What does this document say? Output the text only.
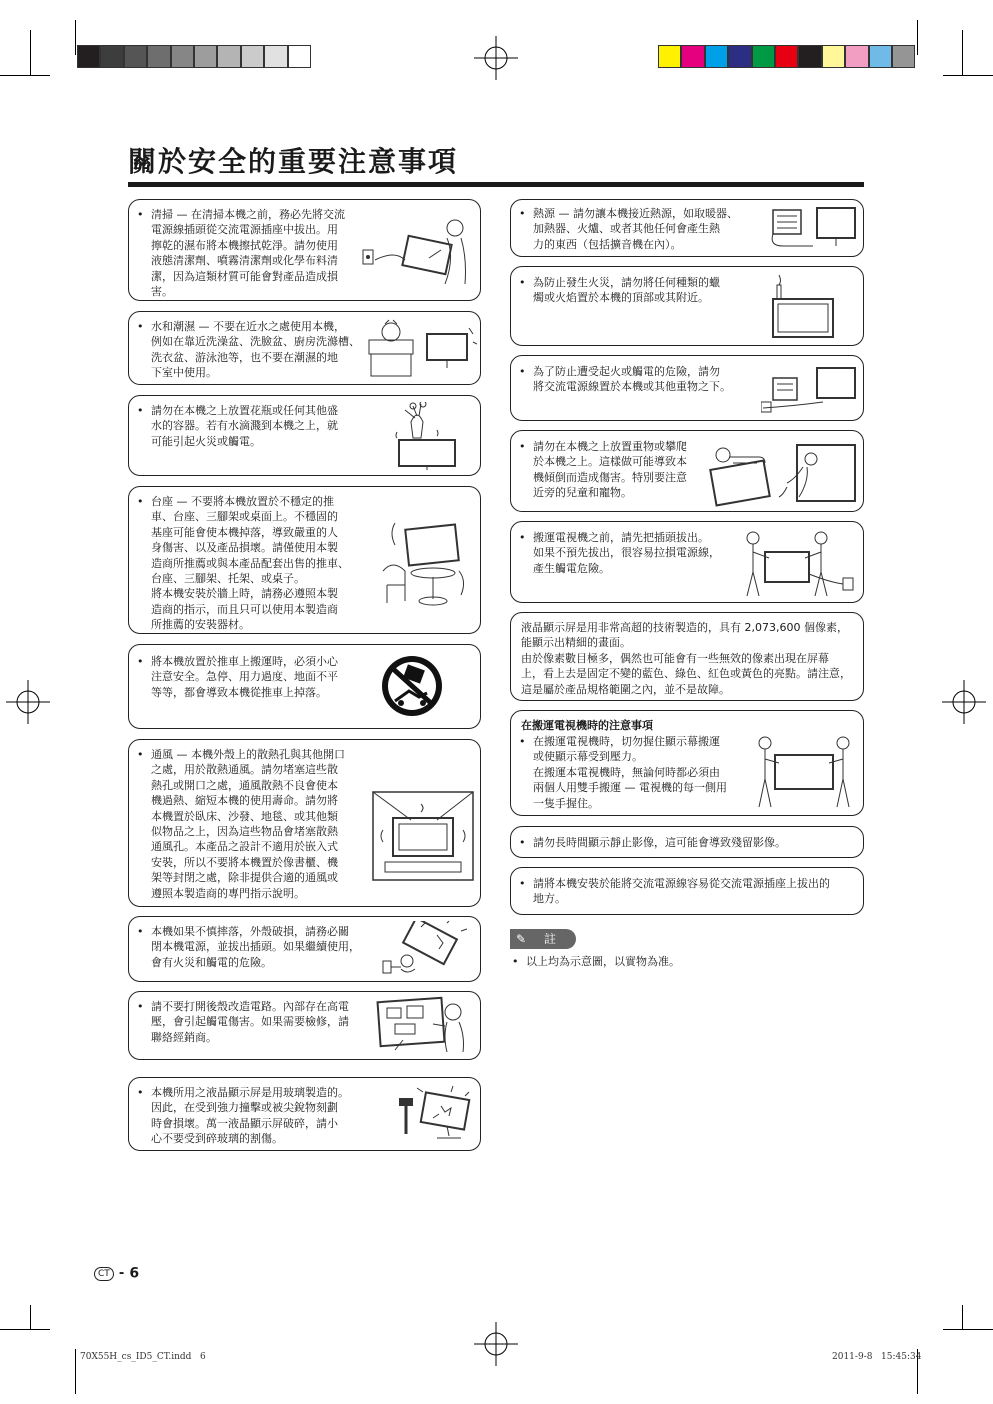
關於安全的重要注意事項
• 清掃 — 在清掃本機之前，務必先將交流
電源線插頭從交流電源插座中拔出。用
擰乾的濕布將本機擦拭乾淨。請勿使用
液態清潔劑、噴霧清潔劑或化學布料清
潔，因為這類材質可能會對產品造成損
害。
• 水和潮濕 — 不要在近水之處使用本機，
例如在靠近洗澡盆、洗臉盆、廚房洗滌槽、
洗衣盆、游泳池等，也不要在潮濕的地
下室中使用。
• 請勿在本機之上放置花瓶或任何其他盛
水的容器。若有水滴濺到本機之上，就
可能引起火災或觸電。
• 台座 — 不要將本機放置於不穩定的推
車、台座、三腳架或桌面上。不穩固的
基座可能會使本機掉落，導致嚴重的人
身傷害、以及產品損壞。請僅使用本製
造商所推薦或與本產品配套出售的推車、
台座、三腳架、托架、或桌子。
將本機安裝於牆上時，請務必遵照本製
造商的指示，而且只可以使用本製造商
所推薦的安裝器材。
• 將本機放置於推車上搬運時，必須小心
注意安全。急停、用力過度、地面不平
等等，都會導致本機從推車上掉落。
• 通風 — 本機外殼上的散熱孔與其他開口
之處，用於散熱通風。請勿堵塞這些散
熱孔或開口之處，通風散熱不良會使本
機過熱、縮短本機的使用壽命。請勿將
本機置於臥床、沙發、地毯、或其他類
似物品之上，因為這些物品會堵塞散熱
通風孔。本產品之設計不適用於嵌入式
安裝，所以不要將本機置於像書櫃、機
架等封閉之處，除非提供合適的通風或
遵照本製造商的專門指示說明。
• 本機如果不慎摔落，外殼破損，請務必關
閉本機電源，並拔出插頭。如果繼續使用，
會有火災和觸電的危險。
• 請不要打開後殼改造電路。內部存在高電
壓，會引起觸電傷害。如果需要檢修，請
聯絡經銷商。
• 本機所用之液晶顯示屏是用玻璃製造的。
因此，在受到強力撞擊或被尖銳物刻劃
時會損壞。萬一液晶顯示屏破碎，請小
心不要受到碎玻璃的割傷。
• 熱源 — 請勿讓本機接近熱源，如取暖器、
加熱器、火爐、或者其他任何會產生熱
力的東西（包括擴音機在內）。
• 為防止發生火災，請勿將任何種類的蠟
燭或火焰置於本機的頂部或其附近。
• 為了防止遭受起火或觸電的危險，請勿
將交流電源線置於本機或其他重物之下。
• 請勿在本機之上放置重物或攀爬
於本機之上。這樣做可能導致本
機傾倒而造成傷害。特別要注意
近旁的兒童和寵物。
• 搬運電視機之前，請先把插頭拔出。
如果不預先拔出，很容易拉損電源線，
產生觸電危險。
液晶顯示屏是用非常高超的技術製造的，具有 2,073,600 個像素，
能顯示出精細的畫面。
由於像素數目極多，偶然也可能會有一些無效的像素出現在屏幕
上，看上去是固定不變的藍色、綠色、紅色或黃色的亮點。請注意，
這是屬於產品規格範圍之內，並不是故障。
在搬運電視機時的注意事項
• 在搬運電視機時，切勿握住顯示幕搬運
或使顯示幕受到壓力。
在搬運本電視機時，無論何時都必須由
兩個人用雙手搬運 — 電視機的每一側用
一隻手握住。
• 請勿長時間顯示靜止影像，這可能會導致殘留影像。
• 請將本機安裝於能將交流電源線容易從交流電源插座上拔出的
地方。
✎ 註
• 以上均為示意圖，以實物為准。
CT - 6
70X55H_cs_ID5_CT.indd   6	2011-9-8   15:45:34
